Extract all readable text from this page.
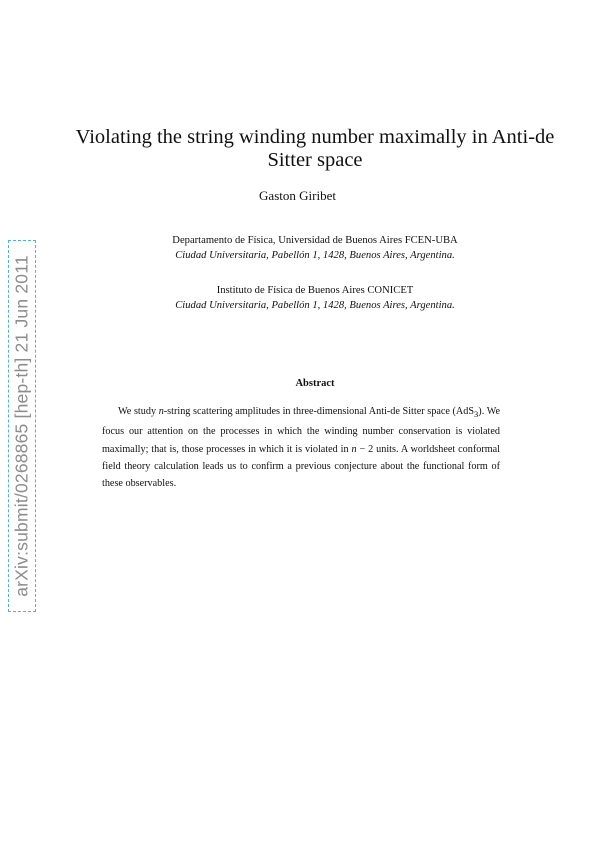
arXiv:submit/0268865 [hep-th] 21 Jun 2011
Violating the string winding number maximally in Anti-de
Sitter space
Gaston Giribet
Departamento de Física, Universidad de Buenos Aires FCEN-UBA
Ciudad Universitaria, Pabellón 1, 1428, Buenos Aires, Argentina.
Instituto de Física de Buenos Aires CONICET
Ciudad Universitaria, Pabellón 1, 1428, Buenos Aires, Argentina.
Abstract
We study n-string scattering amplitudes in three-dimensional Anti-de Sitter space (AdS$_3$). We focus our attention on the processes in which the winding number conservation is violated maximally; that is, those processes in which it is violated in n − 2 units. A worldsheet conformal field theory calculation leads us to confirm a previous conjecture about the functional form of these observables.
